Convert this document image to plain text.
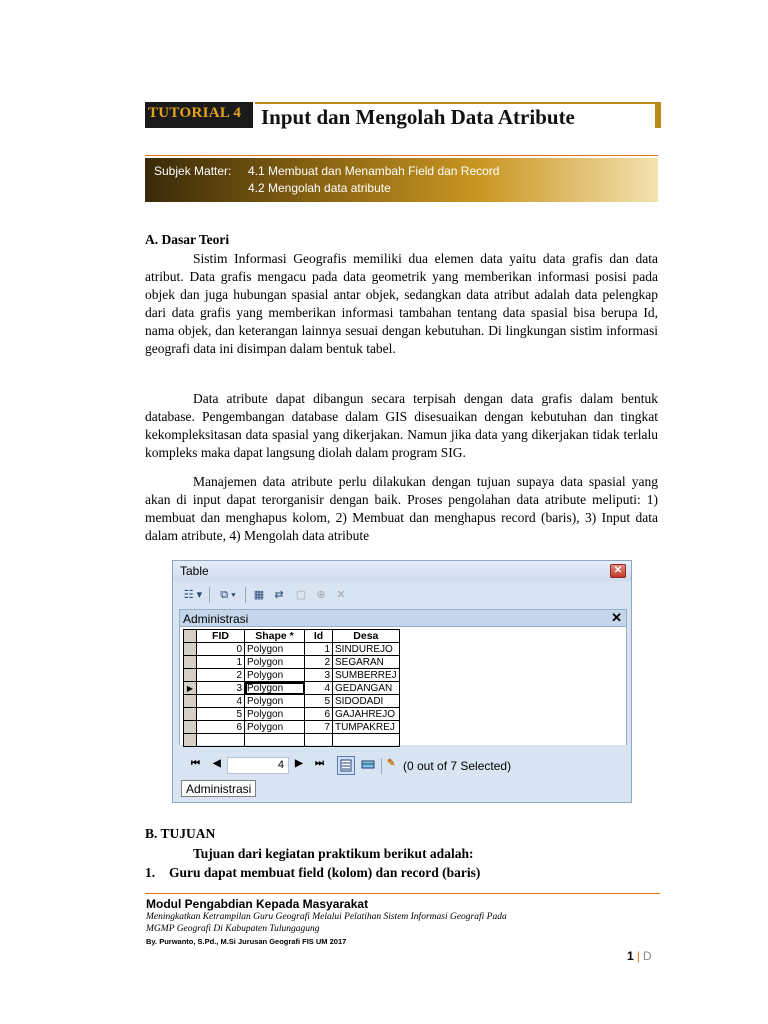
TUTORIAL 4 Input dan Mengolah Data Atribute
Subjek Matter: 4.1 Membuat dan Menambah Field dan Record
4.2 Mengolah data atribute
A. Dasar Teori

Sistim Informasi Geografis memiliki dua elemen data yaitu data grafis dan data atribut. Data grafis mengacu pada data geometrik yang memberikan informasi posisi pada objek dan juga hubungan spasial antar objek, sedangkan data atribut adalah data pelengkap dari data grafis yang memberikan informasi tambahan tentang data spasial bisa berupa Id, nama objek, dan keterangan lainnya sesuai dengan kebutuhan. Di lingkungan sistim informasi geografi data ini disimpan dalam bentuk tabel.

Data atribute dapat dibangun secara terpisah dengan data grafis dalam bentuk database. Pengembangan database dalam GIS disesuaikan dengan kebutuhan dan tingkat kekompleksitasan data spasial yang dikerjakan. Namun jika data yang dikerjakan tidak terlalu kompleks maka dapat langsung diolah dalam program SIG.

Manajemen data atribute perlu dilakukan dengan tujuan supaya data spasial yang akan di input dapat terorganisir dengan baik. Proses pengolahan data atribute meliputi: 1) membuat dan menghapus kolom, 2) Membuat dan menghapus record (baris), 3) Input data dalam atribute, 4) Mengolah data atribute

Table	✕
☷ ▾	⧉ ▾	▦ ⇄	▢ ⊕ ✕
Administrasi	✕
	FID	Shape *	Id	Desa
	0	Polygon	1	SINDUREJO
	1	Polygon	2	SEGARAN
	2	Polygon	3	SUMBERREJ
▶	3	Polygon	4	GEDANGAN
	4	Polygon	5	SIDODADI
	5	Polygon	6	GAJAHREJO
	6	Polygon	7	TUMPAKREJ

⏮ ◀	4	▶ ⏭	✎ (0 out of 7 Selected)
Administrasi
B. TUJUAN
Tujuan dari kegiatan praktikum berikut adalah:
1. Guru dapat membuat field (kolom) dan record (baris)
Modul Pengabdian Kepada Masyarakat
Meningkatkan Ketrampilan Guru Geografi Melalui Pelatihan Sistem Informasi Geografi Pada
MGMP Geografi Di Kabupaten Tulungagung
By. Purwanto, S.Pd., M.Si Jurusan Geografi FIS UM 2017
1 | D
